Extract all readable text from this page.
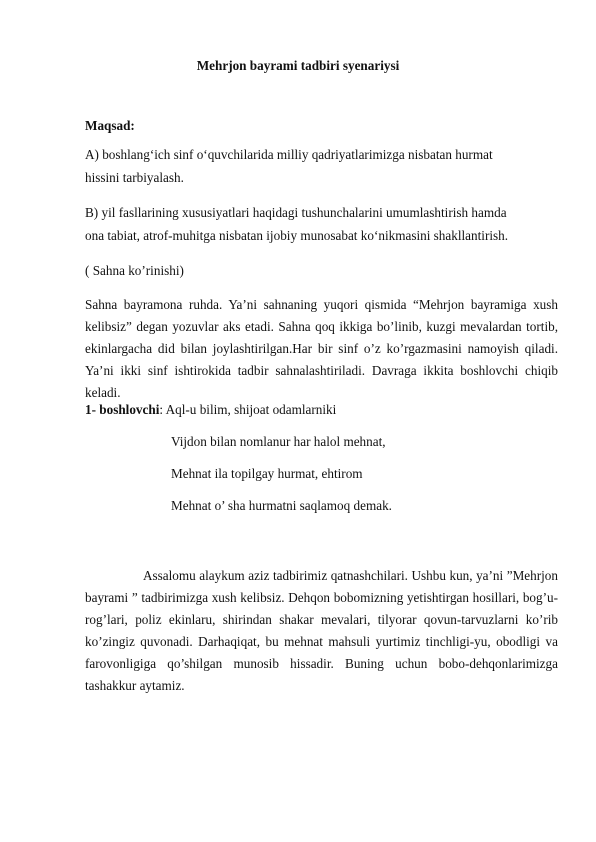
Mehrjon bayrami tadbiri syenariysi
Maqsad:
A) boshlang‘ich sinf o‘quvchilarida milliy qadriyatlarimizga nisbatan hurmat
hissini tarbiyalash.
B) yil fasllarining xususiyatlari haqidagi tushunchalarini umumlashtirish hamda
ona tabiat, atrof-muhitga nisbatan ijobiy munosabat ko‘nikmasini shakllantirish.
( Sahna ko’rinishi)
Sahna bayramona ruhda. Ya’ni sahnaning yuqori qismida “Mehrjon bayramiga xush kelibsiz” degan yozuvlar aks etadi. Sahna qoq ikkiga bo’linib, kuzgi mevalardan tortib, ekinlargacha did bilan joylashtirilgan.Har bir sinf o’z ko’rgazmasini namoyish qiladi. Ya’ni ikki sinf ishtirokida tadbir sahnalashtiriladi. Davraga ikkita boshlovchi chiqib keladi.
1- boshlovchi: Aql-u bilim, shijoat odamlarniki
Vijdon bilan nomlanur har halol mehnat,
Mehnat ila topilgay hurmat, ehtirom
Mehnat o’ sha hurmatni saqlamoq demak.
Assalomu alaykum aziz tadbirimiz qatnashchilari. Ushbu kun, ya’ni ”Mehrjon bayrami ” tadbirimizga xush kelibsiz. Dehqon bobomizning yetishtirgan hosillari, bog’u-rog’lari, poliz ekinlaru, shirindan shakar mevalari, tilyorar qovun-tarvuzlarni ko’rib ko’zingiz quvonadi. Darhaqiqat, bu mehnat mahsuli yurtimiz tinchligi-yu, obodligi va farovonligiga qo’shilgan munosib hissadir. Buning uchun bobo-dehqonlarimizga tashakkur aytamiz.
